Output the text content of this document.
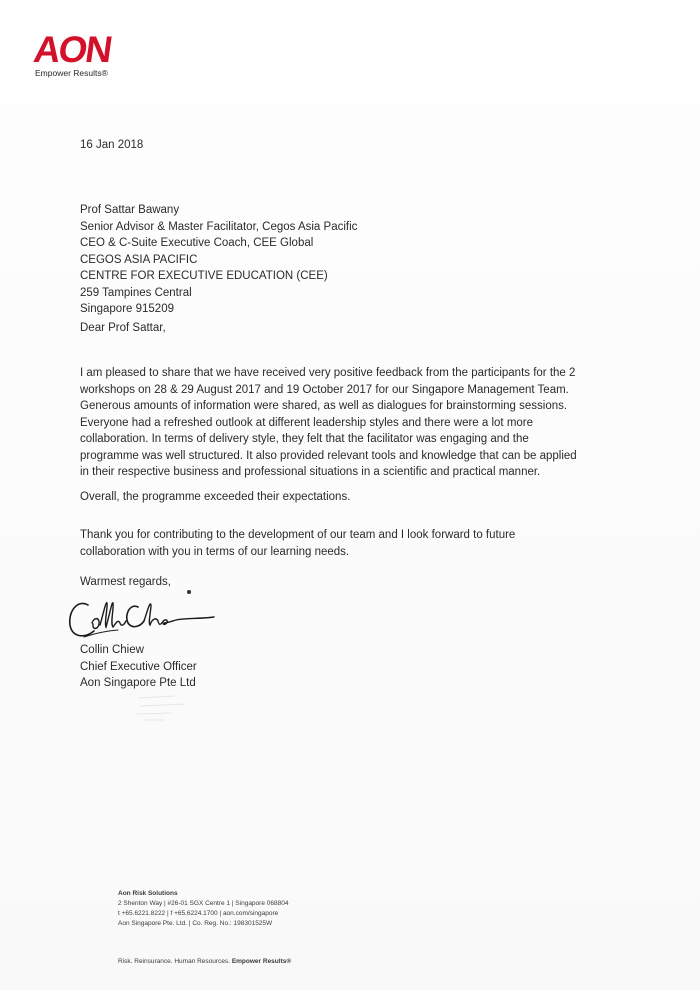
AON
Empower Results®
16 Jan 2018
Prof Sattar Bawany
Senior Advisor & Master Facilitator, Cegos Asia Pacific
CEO & C-Suite Executive Coach, CEE Global
CEGOS ASIA PACIFIC
CENTRE FOR EXECUTIVE EDUCATION (CEE)
259 Tampines Central
Singapore 915209
Dear Prof Sattar,
I am pleased to share that we have received very positive feedback from the participants for the 2
workshops on 28 & 29 August 2017 and 19 October 2017 for our Singapore Management Team.
Generous amounts of information were shared, as well as dialogues for brainstorming sessions.
Everyone had a refreshed outlook at different leadership styles and there were a lot more
collaboration. In terms of delivery style, they felt that the facilitator was engaging and the
programme was well structured. It also provided relevant tools and knowledge that can be applied
in their respective business and professional situations in a scientific and practical manner.
Overall, the programme exceeded their expectations.
Thank you for contributing to the development of our team and I look forward to future
collaboration with you in terms of our learning needs.
Warmest regards,
Collin Chiew
Chief Executive Officer
Aon Singapore Pte Ltd
Aon Risk Solutions
2 Shenton Way | #26-01 SGX Centre 1 | Singapore 068804
t +65.6221.8222 | f +65.6224.1700 | aon.com/singapore
Aon Singapore Pte. Ltd. | Co. Reg. No.: 198301525W
Risk. Reinsurance. Human Resources. Empower Results®
